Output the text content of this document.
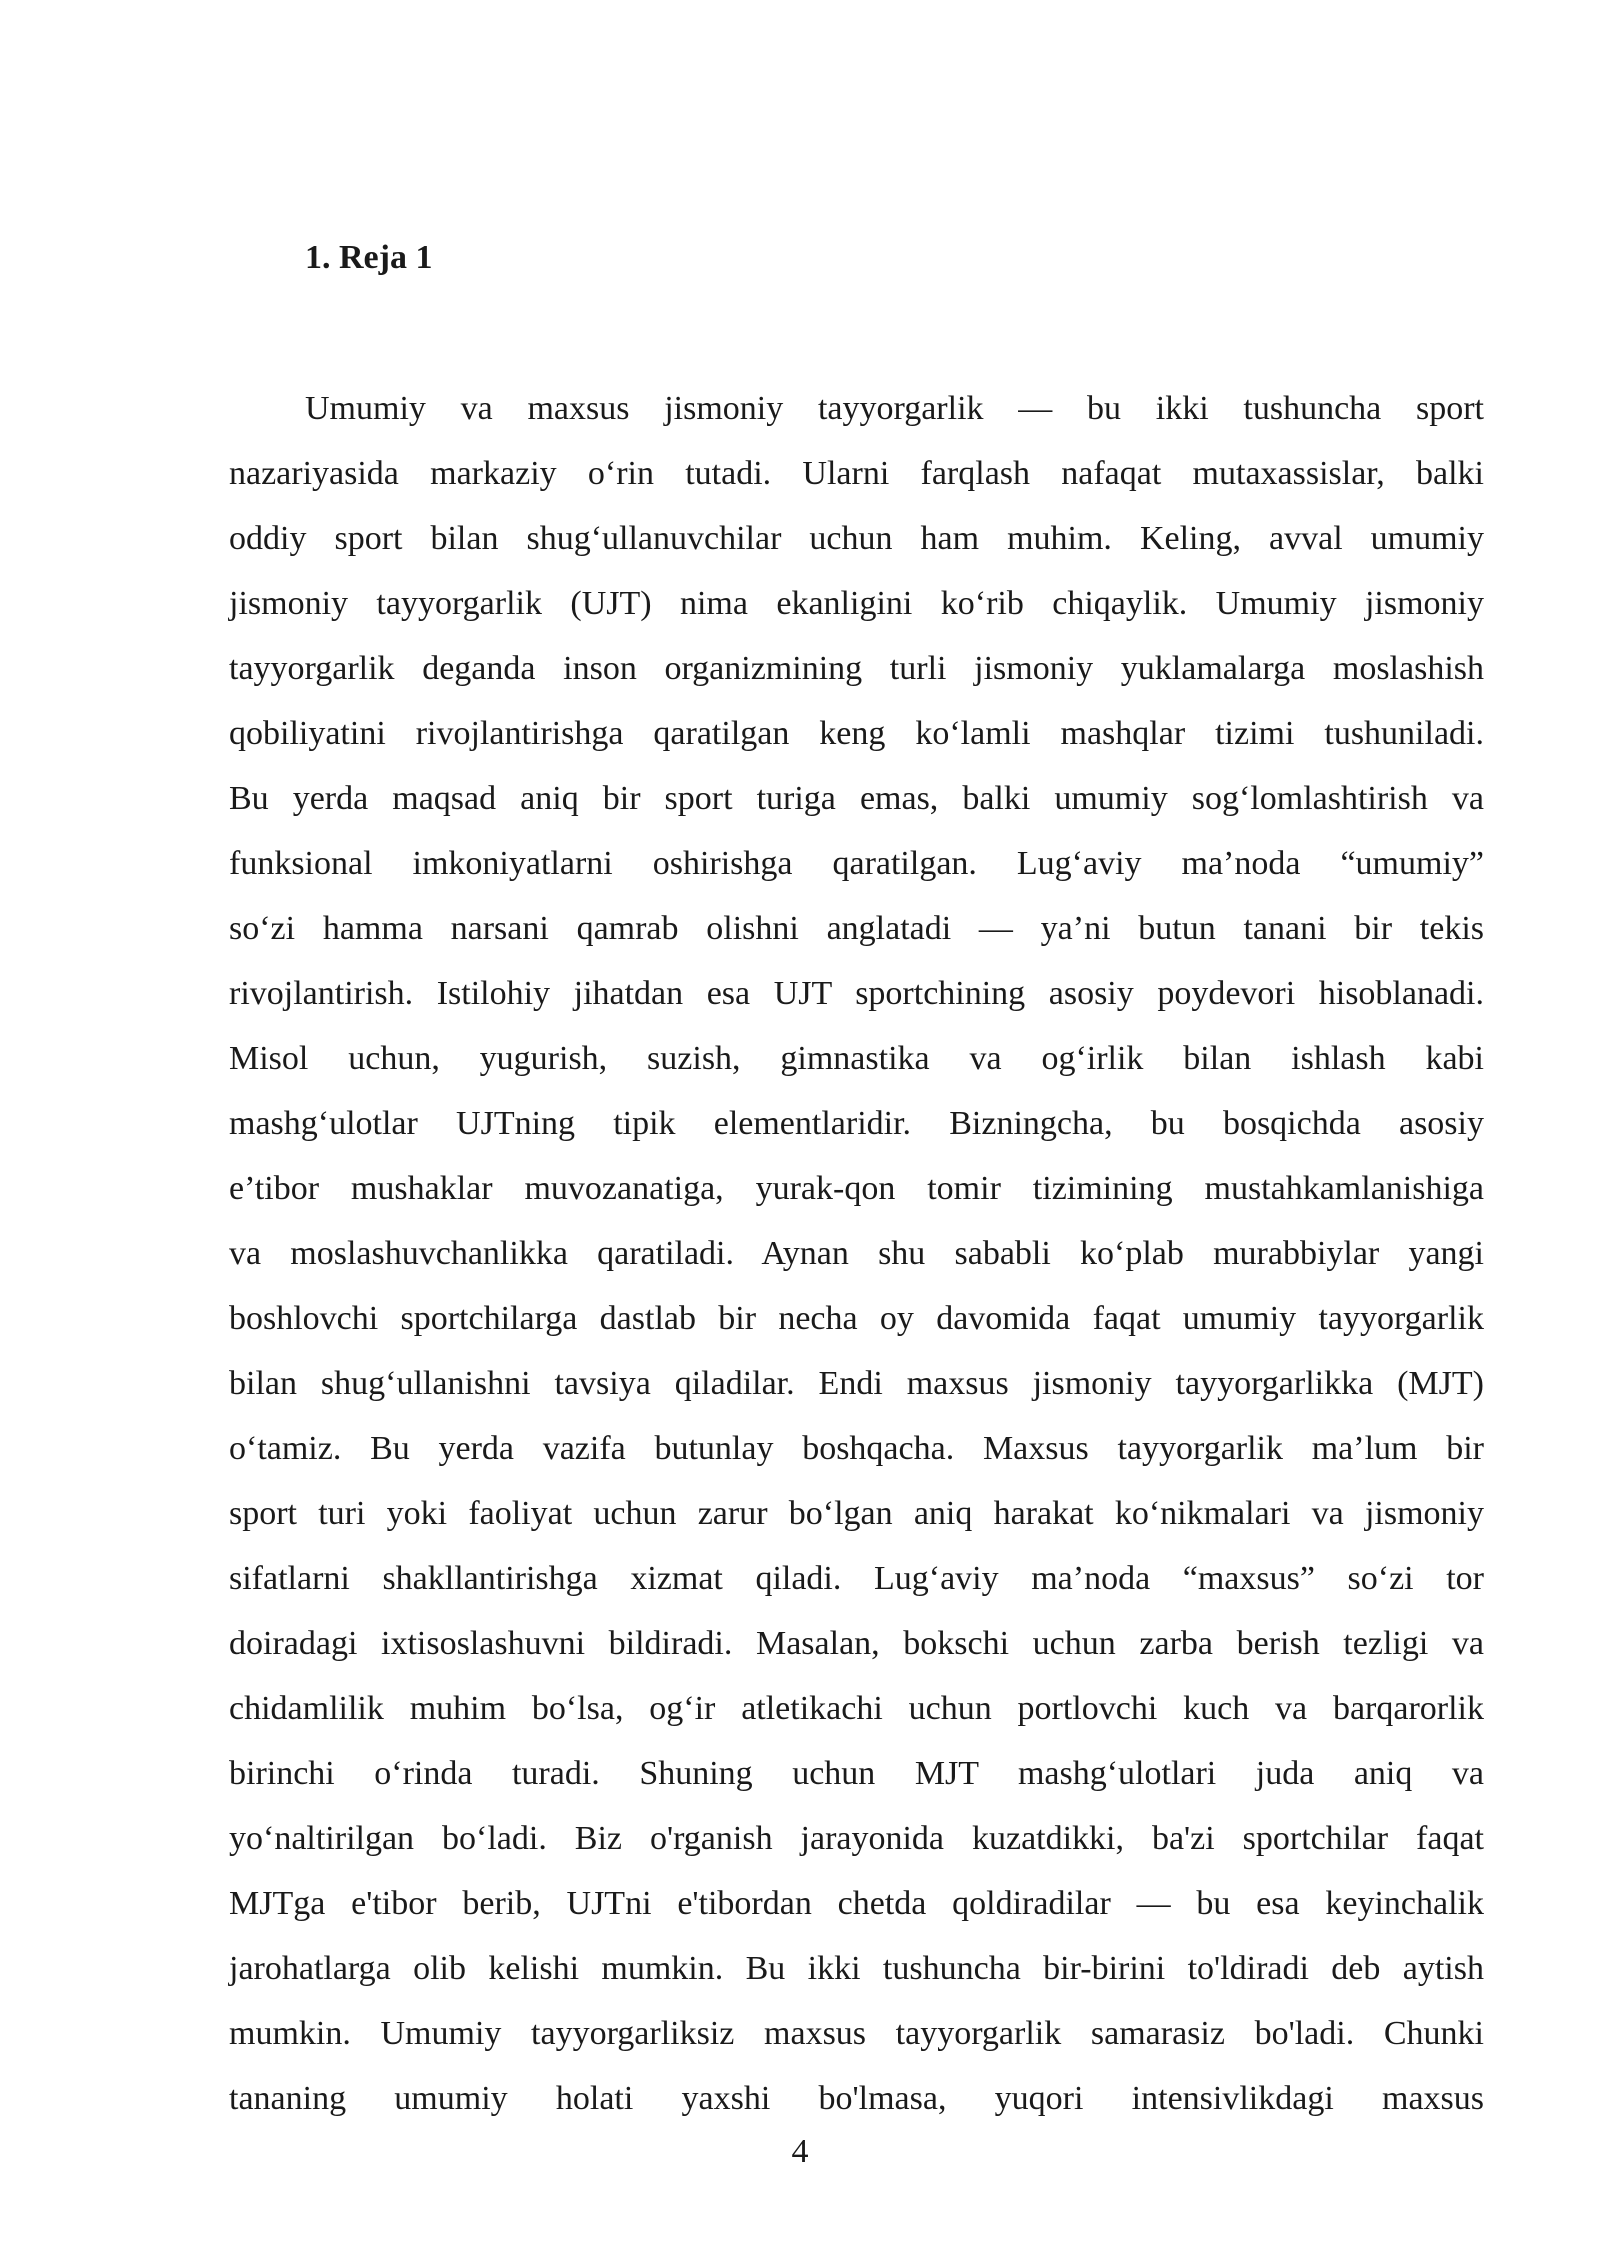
1. Reja 1
Umumiy va maxsus jismoniy tayyorgarlik — bu ikki tushuncha sport
nazariyasida markaziy o‘rin tutadi. Ularni farqlash nafaqat mutaxassislar, balki
oddiy sport bilan shug‘ullanuvchilar uchun ham muhim. Keling, avval umumiy
jismoniy tayyorgarlik (UJT) nima ekanligini ko‘rib chiqaylik. Umumiy jismoniy
tayyorgarlik deganda inson organizmining turli jismoniy yuklamalarga moslashish
qobiliyatini rivojlantirishga qaratilgan keng ko‘lamli mashqlar tizimi tushuniladi.
Bu yerda maqsad aniq bir sport turiga emas, balki umumiy sog‘lomlashtirish va
funksional imkoniyatlarni oshirishga qaratilgan. Lug‘aviy ma’noda “umumiy”
so‘zi hamma narsani qamrab olishni anglatadi — ya’ni butun tanani bir tekis
rivojlantirish. Istilohiy jihatdan esa UJT sportchining asosiy poydevori hisoblanadi.
Misol uchun, yugurish, suzish, gimnastika va og‘irlik bilan ishlash kabi
mashg‘ulotlar UJTning tipik elementlaridir. Bizningcha, bu bosqichda asosiy
e’tibor mushaklar muvozanatiga, yurak-qon tomir tizimining mustahkamlanishiga
va moslashuvchanlikka qaratiladi. Aynan shu sababli ko‘plab murabbiylar yangi
boshlovchi sportchilarga dastlab bir necha oy davomida faqat umumiy tayyorgarlik
bilan shug‘ullanishni tavsiya qiladilar. Endi maxsus jismoniy tayyorgarlikka (MJT)
o‘tamiz. Bu yerda vazifa butunlay boshqacha. Maxsus tayyorgarlik ma’lum bir
sport turi yoki faoliyat uchun zarur bo‘lgan aniq harakat ko‘nikmalari va jismoniy
sifatlarni shakllantirishga xizmat qiladi. Lug‘aviy ma’noda “maxsus” so‘zi tor
doiradagi ixtisoslashuvni bildiradi. Masalan, bokschi uchun zarba berish tezligi va
chidamlilik muhim bo‘lsa, og‘ir atletikachi uchun portlovchi kuch va barqarorlik
birinchi o‘rinda turadi. Shuning uchun MJT mashg‘ulotlari juda aniq va
yo‘naltirilgan bo‘ladi. Biz o'rganish jarayonida kuzatdikki, ba'zi sportchilar faqat
MJTga e'tibor berib, UJTni e'tibordan chetda qoldiradilar — bu esa keyinchalik
jarohatlarga olib kelishi mumkin. Bu ikki tushuncha bir-birini to'ldiradi deb aytish
mumkin. Umumiy tayyorgarliksiz maxsus tayyorgarlik samarasiz bo'ladi. Chunki
tananing umumiy holati yaxshi bo'lmasa, yuqori intensivlikdagi maxsus
4
